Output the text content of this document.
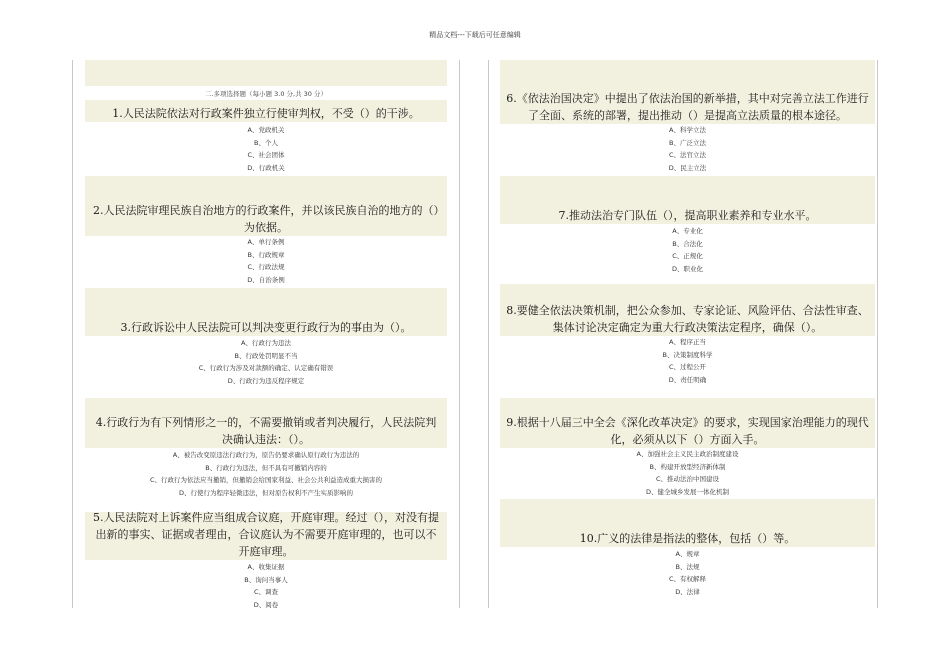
精品文档---下载后可任意编辑
二.多项选择题（每小题 3.0 分,共 30 分）
1.人民法院依法对行政案件独立行使审判权，不受（）的干涉。
A、党政机关
B、个人
C、社会团体
D、行政机关
2.人民法院审理民族自治地方的行政案件，并以该民族自治的地方的（）为依据。
A、单行条例
B、行政规章
C、行政法规
D、自治条例
3.行政诉讼中人民法院可以判决变更行政行为的事由为（）。
A、行政行为违法
B、行政处罚明显不当
C、行政行为涉及对款额的确定、认定确有错误
D、行政行为违反程序规定
4.行政行为有下列情形之一的，不需要撤销或者判决履行，人民法院判决确认违法：（）。
A、被告改变原违法行政行为，原告仍要求确认原行政行为违法的
B、行政行为违法，但不具有可撤销内容的
C、行政行为依法应当撤销，但撤销会给国家利益、社会公共利益造成重大损害的
D、行使行为程序轻微违法，但对原告权利不产生实质影响的
5.人民法院对上诉案件应当组成合议庭，开庭审理。经过（），对没有提出新的事实、证据或者理由，合议庭认为不需要开庭审理的，也可以不开庭审理。
A、收集证据
B、询问当事人
C、调查
D、阅卷
6.《依法治国决定》中提出了依法治国的新举措，其中对完善立法工作进行了全面、系统的部署，提出推动（）是提高立法质量的根本途径。
A、科学立法
B、广泛立法
C、法官立法
D、民主立法
7.推动法治专门队伍（），提高职业素养和专业水平。
A、专业化
B、合法化
C、正规化
D、职业化
8.要健全依法决策机制，把公众参加、专家论证、风险评估、合法性审查、集体讨论决定确定为重大行政决策法定程序，确保（）。
A、程序正当
B、决策制度科学
C、过程公开
D、责任明确
9.根据十八届三中全会《深化改革决定》的要求，实现国家治理能力的现代化，必须从以下（）方面入手。
A、加强社会主义民主政治制度建设
B、构建开放型经济新体制
C、推动法治中国建设
D、健全城乡发展一体化机制
10.广义的法律是指法的整体，包括（）等。
A、规章
B、法规
C、有权解释
D、法律
